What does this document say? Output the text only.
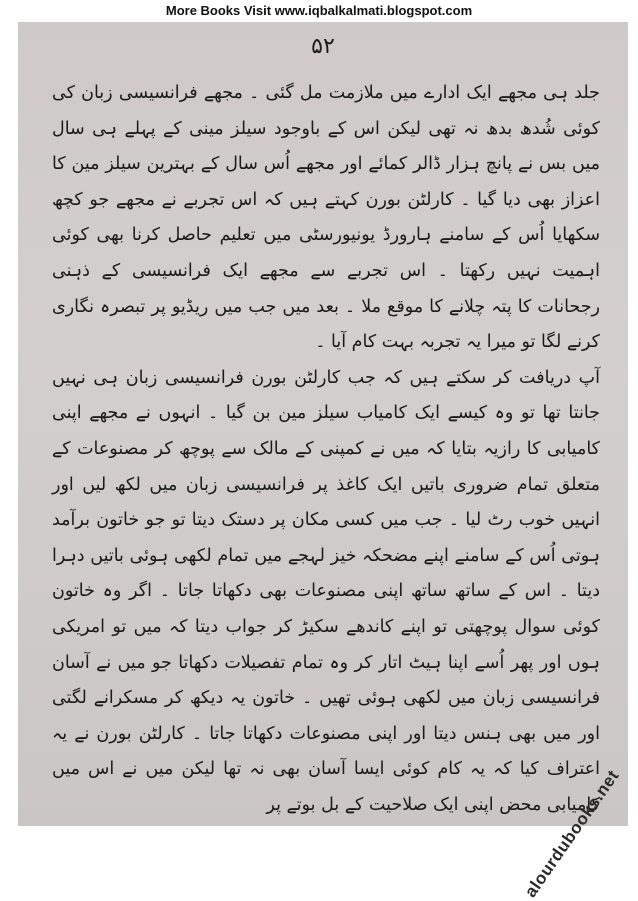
More Books Visit www.iqbalkalmati.blogspot.com
۵۲

جلد ہی مجھے ایک ادارے میں ملازمت مل گئی ۔ مجھے فرانسیسی زبان کی کوئی شُدھ بدھ نہ تھی لیکن اس کے باوجود سیلز مینی کے پہلے ہی سال میں بس نے پانچ ہزار ڈالر کمائے اور مجھے اُس سال کے بہترین سیلز مین کا اعزاز بھی دیا گیا ۔ کارلٹن بورن کہتے ہیں کہ اس تجربے نے مجھے جو کچھ سکھایا اُس کے سامنے ہارورڈ یونیورسٹی میں تعلیم حاصل کرنا بھی کوئی اہمیت نہیں رکھتا ۔ اس تجربے سے مجھے ایک فرانسیسی کے ذہنی رجحانات کا پتہ چلانے کا موقع ملا ۔ بعد میں جب میں ریڈیو پر تبصرہ نگاری کرنے لگا تو میرا یہ تجربہ بہت کام آیا ۔

آپ دریافت کر سکتے ہیں کہ جب کارلٹن بورن فرانسیسی زبان ہی نہیں جانتا تھا تو وہ کیسے ایک کامیاب سیلز مین بن گیا ۔ انہوں نے مجھے اپنی کامیابی کا رازیہ بتایا کہ میں نے کمپنی کے مالک سے پوچھ کر مصنوعات کے متعلق تمام ضروری باتیں ایک کاغذ پر فرانسیسی زبان میں لکھ لیں اور انہیں خوب رٹ لیا ۔ جب میں کسی مکان پر دستک دیتا تو جو خاتون برآمد ہوتی اُس کے سامنے اپنے مضحکہ خیز لہجے میں تمام لکھی ہوئی باتیں دہرا دیتا ۔ اس کے ساتھ ساتھ اپنی مصنوعات بھی دکھاتا جاتا ۔ اگر وہ خاتون کوئی سوال پوچھتی تو اپنے کاندھے سکیڑ کر جواب دیتا کہ میں تو امریکی ہوں اور پھر اُسے اپنا ہیٹ اتار کر وہ تمام تفصیلات دکھاتا جو میں نے آسان فرانسیسی زبان میں لکھی ہوئی تھیں ۔ خاتون یہ دیکھ کر مسکرانے لگتی اور میں بھی ہنس دیتا اور اپنی مصنوعات دکھاتا جاتا ۔ کارلٹن بورن نے یہ اعتراف کیا کہ یہ کام کوئی ایسا آسان بھی نہ تھا لیکن میں نے اس میں کامیابی محض اپنی ایک صلاحیت کے بل بوتے پر

alourdubooks.net
